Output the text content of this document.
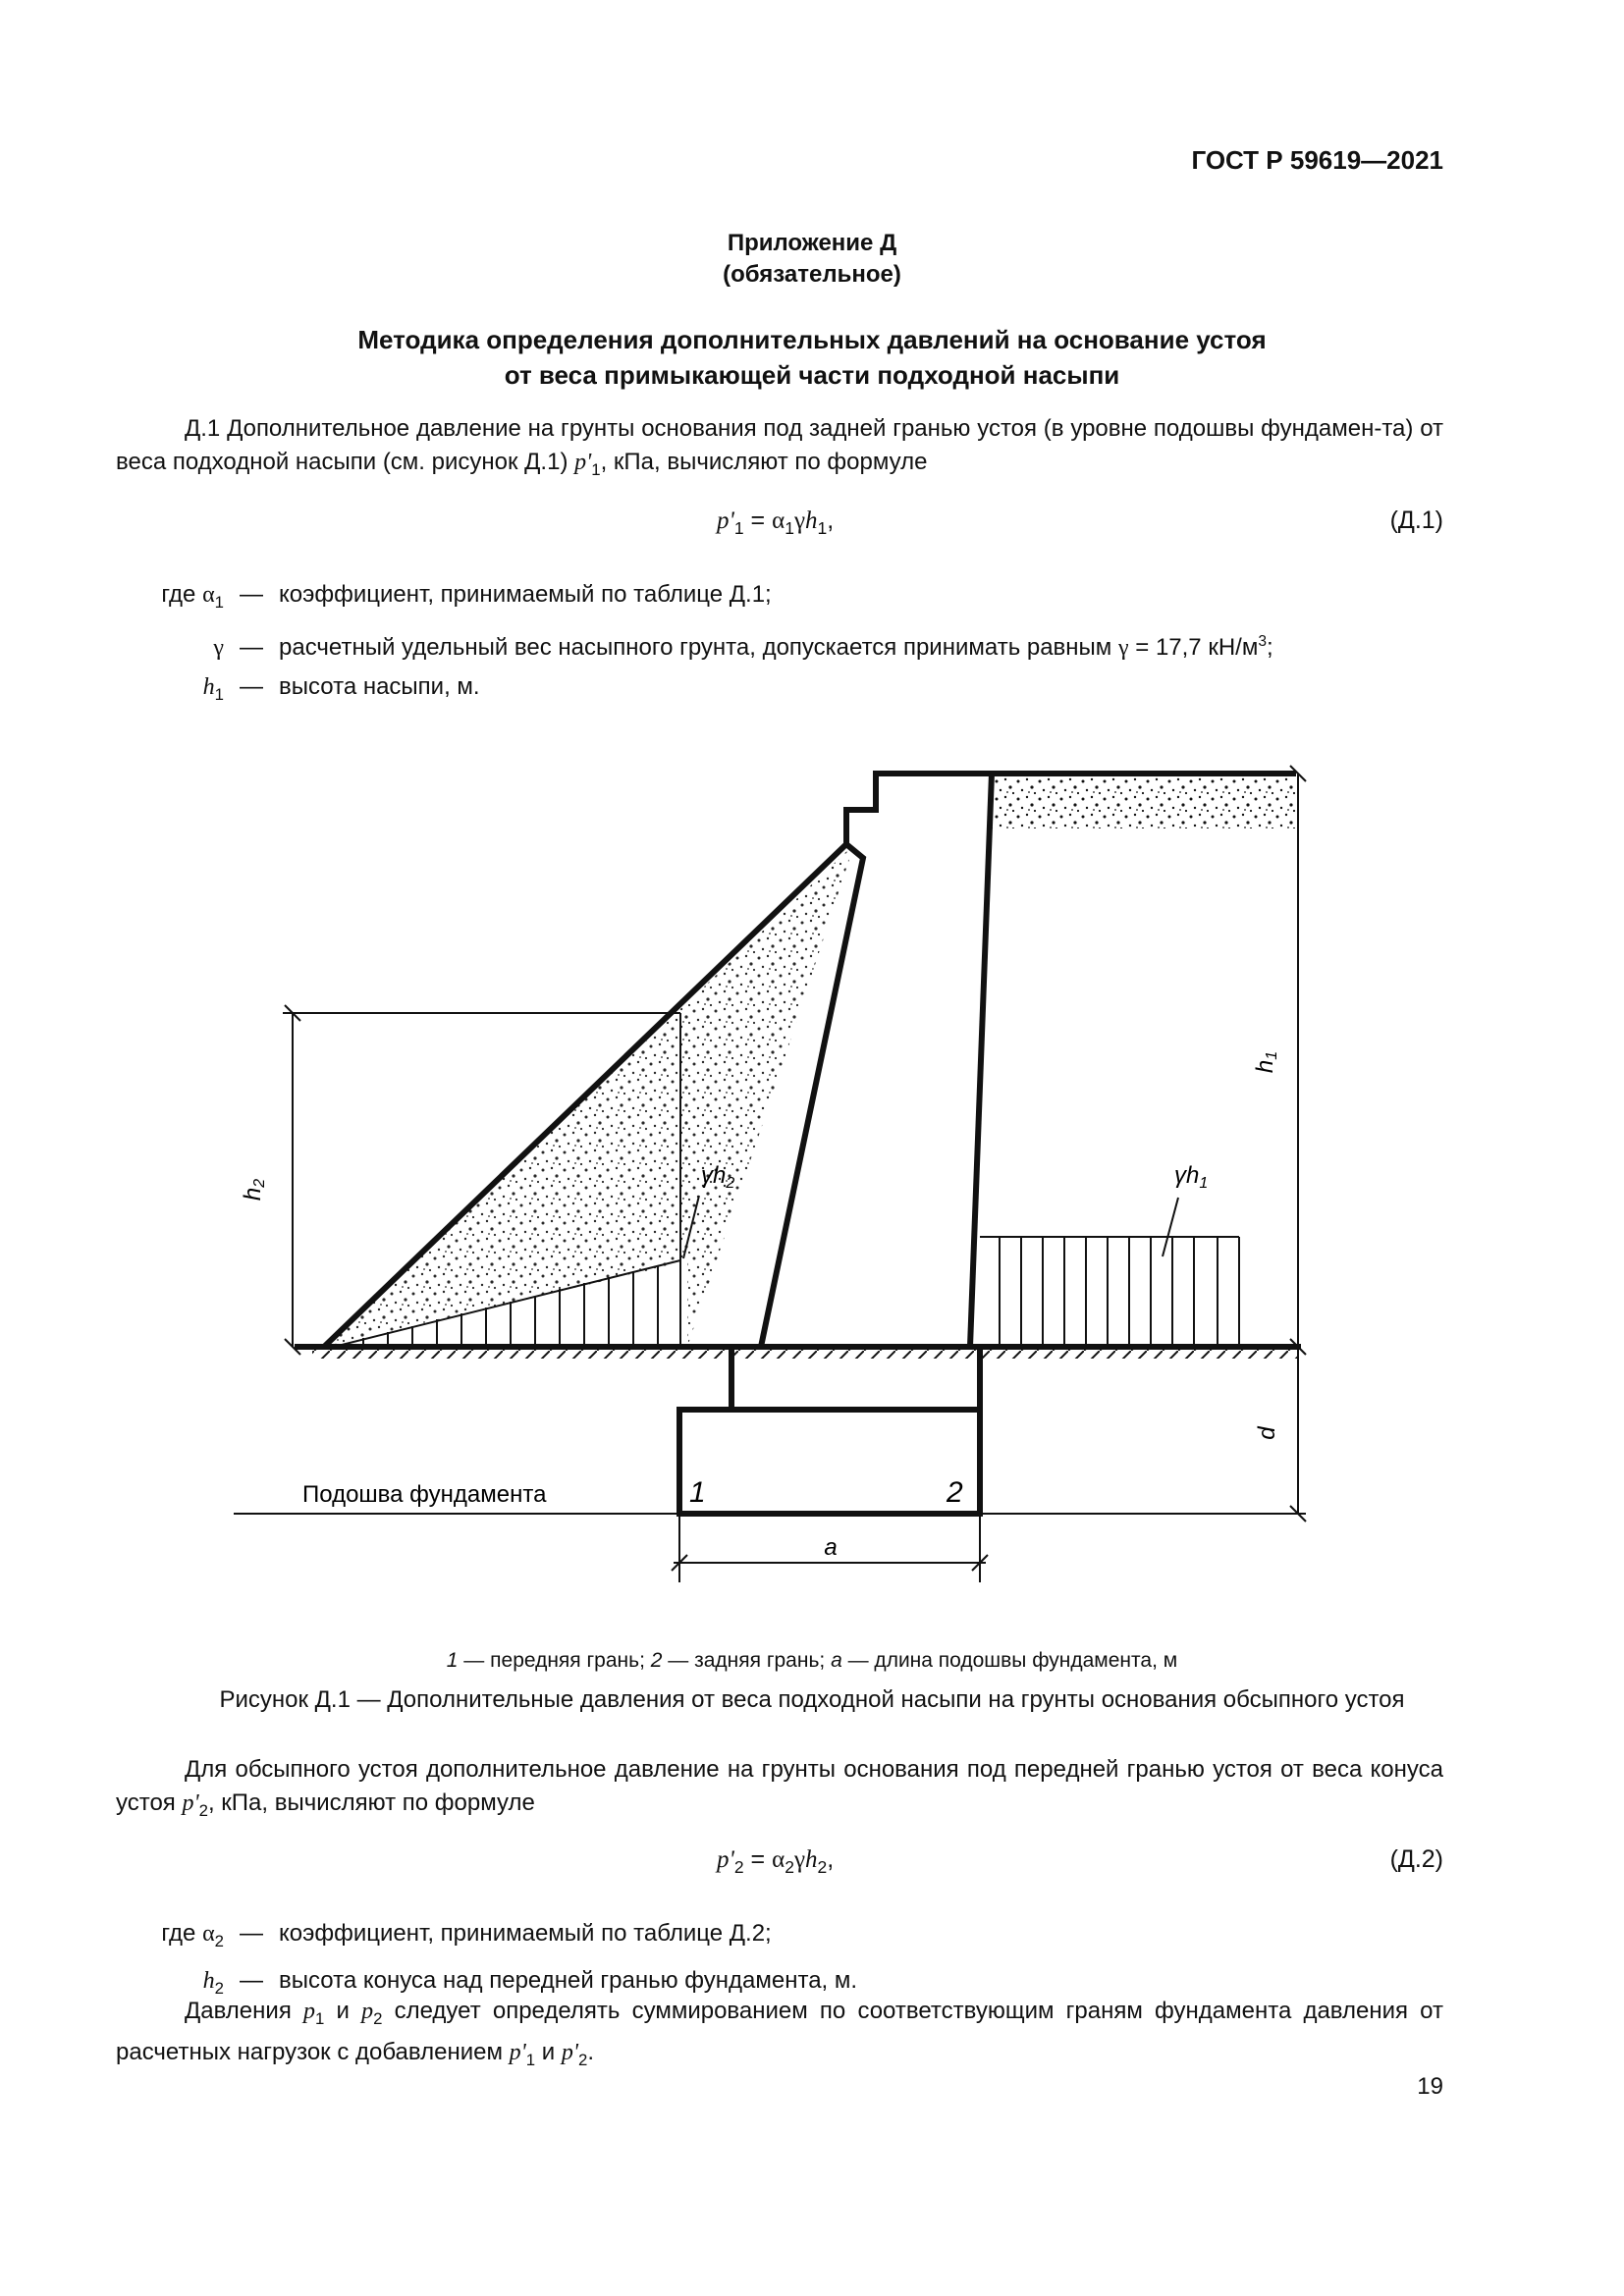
ГОСТ Р 59619—2021
Приложение Д
(обязательное)
Методика определения дополнительных давлений на основание устоя
от веса примыкающей части подходной насыпи
Д.1 Дополнительное давление на грунты основания под задней гранью устоя (в уровне подошвы фундамен-та) от веса подходной насыпи (см. рисунок Д.1) $p'_1$, кПа, вычисляют по формуле
$p'_1 = \alpha_1\gamma h_1$,	(Д.1)
где $\alpha_1$ — коэффициент, принимаемый по таблице Д.1;
γ — расчетный удельный вес насыпного грунта, допускается принимать равным γ = 17,7 $кН/м^3$;
$h_1$ — высота насыпи, м.
h2
h1
d
$\gamma h_2$	$\gamma h_1$
Подошва фундамента	1	2
a
1 — передняя грань; 2 — задняя грань; a — длина подошвы фундамента, м
Рисунок Д.1 — Дополнительные давления от веса подходной насыпи на грунты основания обсыпного устоя
Для обсыпного устоя дополнительное давление на грунты основания под передней гранью устоя от веса конуса устоя $p'_2$, кПа, вычисляют по формуле
$p'_2 = \alpha_2\gamma h_2$,	(Д.2)
где $\alpha_2$ — коэффициент, принимаемый по таблице Д.2;
$h_2$ — высота конуса над передней гранью фундамента, м.
Давления $p_1$ и $p_2$ следует определять суммированием по соответствующим граням фундамента давления от расчетных нагрузок с добавлением $p'_1$ и $p'_2$.
19
